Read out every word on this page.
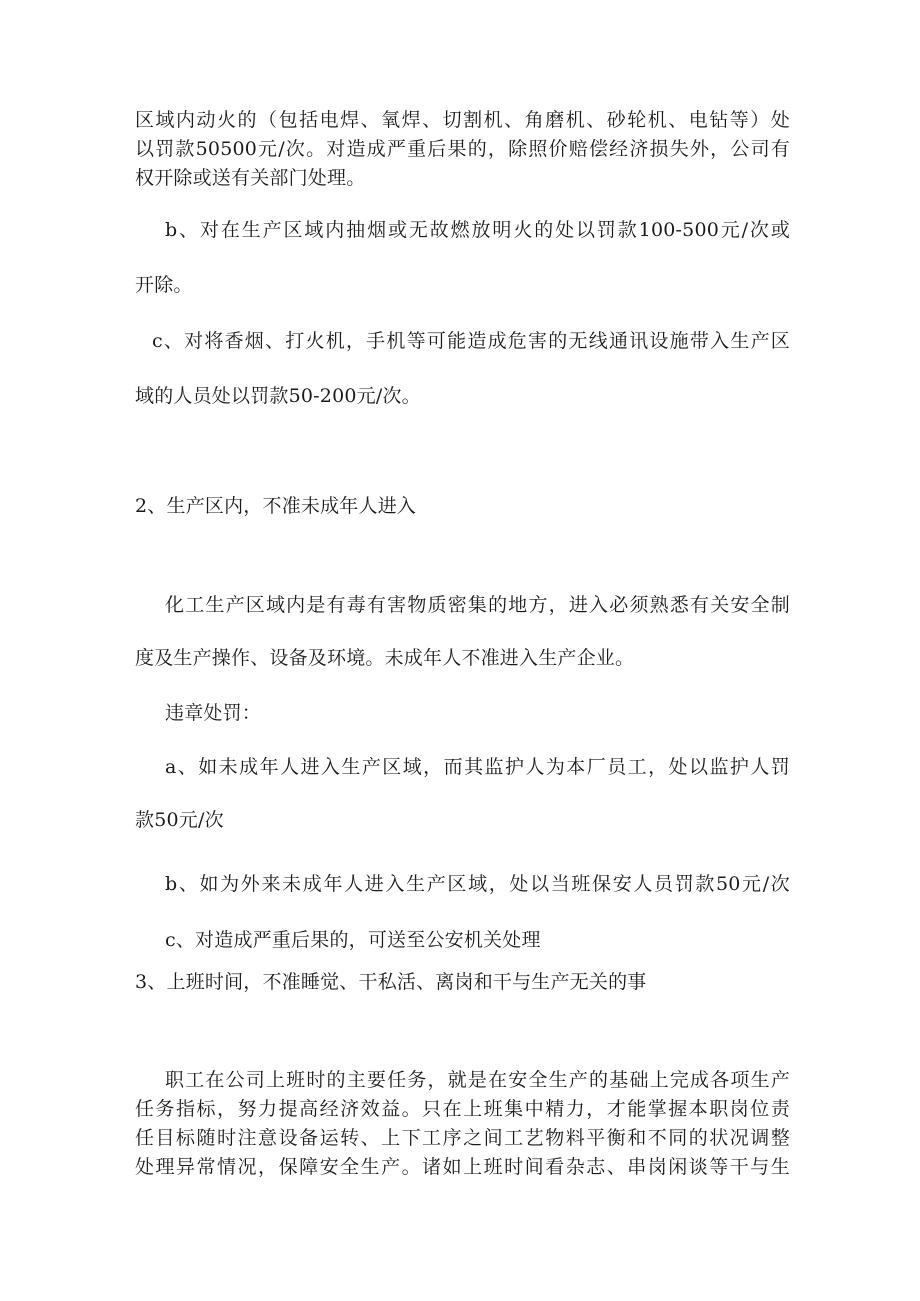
区域内动火的（包括电焊、氧焊、切割机、角磨机、砂轮机、电钻等）处
以罚款50500元/次。对造成严重后果的，除照价赔偿经济损失外，公司有
权开除或送有关部门处理。
b、对在生产区域内抽烟或无故燃放明火的处以罚款100-500元/次或
开除。
c、对将香烟、打火机，手机等可能造成危害的无线通讯设施带入生产区
域的人员处以罚款50-200元/次。
2、生产区内，不准未成年人进入
化工生产区域内是有毒有害物质密集的地方，进入必须熟悉有关安全制
度及生产操作、设备及环境。未成年人不准进入生产企业。
违章处罚：
a、如未成年人进入生产区域，而其监护人为本厂员工，处以监护人罚
款50元/次
b、如为外来未成年人进入生产区域，处以当班保安人员罚款50元/次
c、对造成严重后果的，可送至公安机关处理
3、上班时间，不准睡觉、干私活、离岗和干与生产无关的事
职工在公司上班时的主要任务，就是在安全生产的基础上完成各项生产
任务指标，努力提高经济效益。只在上班集中精力，才能掌握本职岗位责
任目标随时注意设备运转、上下工序之间工艺物料平衡和不同的状况调整
处理异常情况，保障安全生产。诸如上班时间看杂志、串岗闲谈等干与生
